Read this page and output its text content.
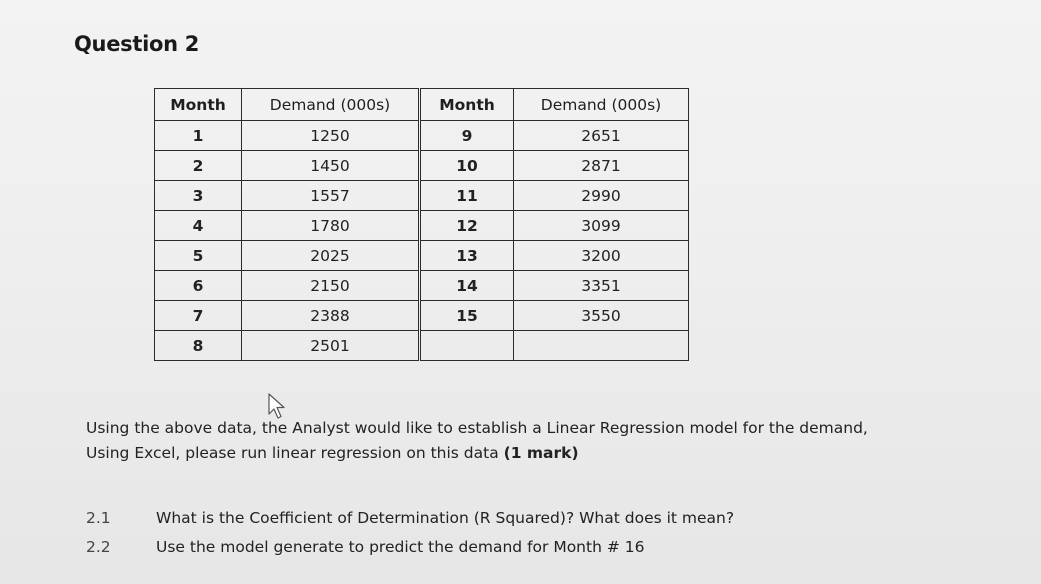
Question 2
Month	Demand (000s)	Month	Demand (000s)
1	1250	9	2651
2	1450	10	2871
3	1557	11	2990
4	1780	12	3099
5	2025	13	3200
6	2150	14	3351
7	2388	15	3550
8	2501		
Using the above data, the Analyst would like to establish a Linear Regression model for the demand,
Using Excel, please run linear regression on this data (1 mark)
2.1	What is the Coefficient of Determination (R Squared)? What does it mean?
2.2	Use the model generate to predict the demand for Month # 16
